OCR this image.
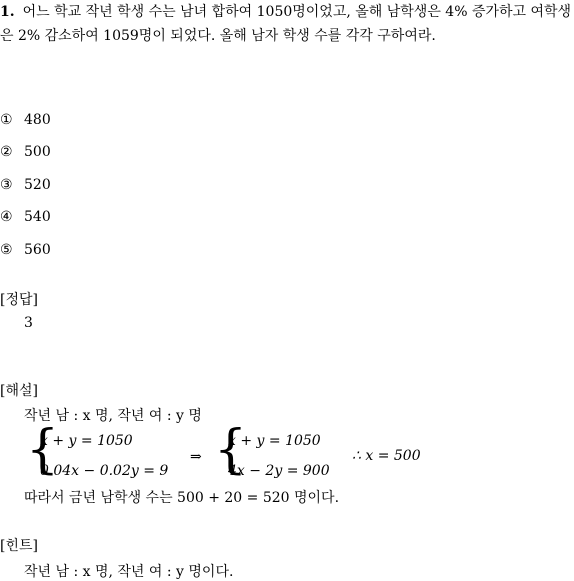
1. 어느 학교 작년 학생 수는 남녀 합하여 1050명이었고, 올해 남학생은 4% 증가하고 여학생은 2% 감소하여 1059명이 되었다. 올해 남자 학생 수를 각각 구하여라.
① 480
② 500
③ 520
④ 540
⑤ 560
[정답]
3
[해설]
작년 남 : x 명, 작년 여 : y 명
{
x + y = 1050
0.04x − 0.02y = 9
⇒ {
x + y = 1050
4x − 2y = 900
∴ x = 500
따라서 금년 남학생 수는 500 + 20 = 520 명이다.
[힌트]
작년 남 : x 명, 작년 여 : y 명이다.
